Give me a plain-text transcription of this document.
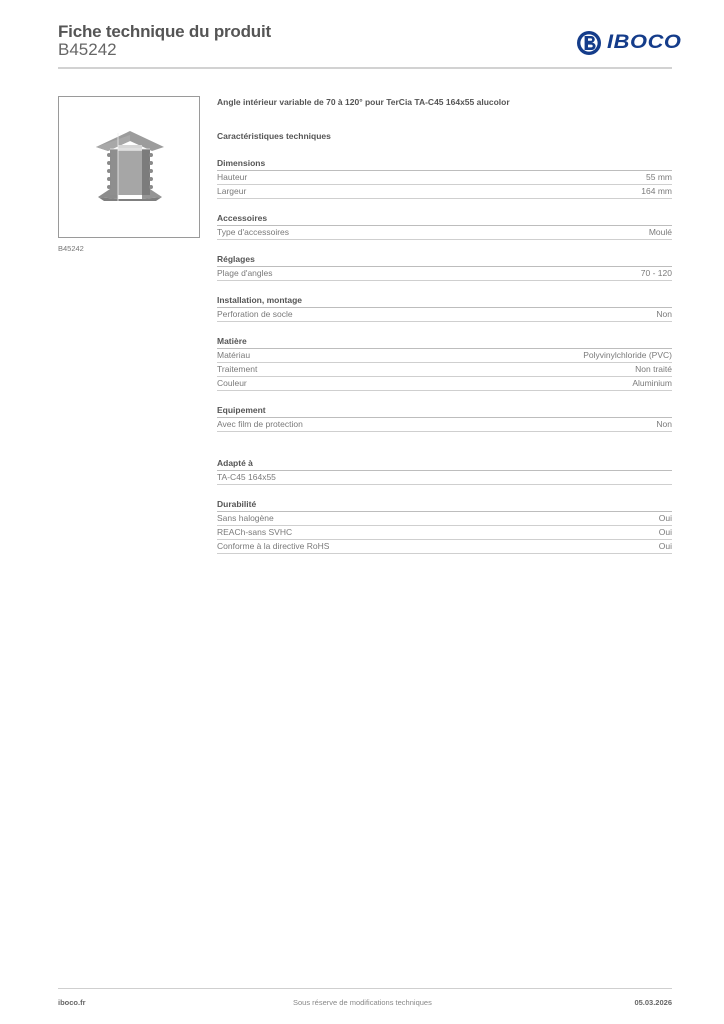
Fiche technique du produit
B45242	IBOCO
B45242
Angle intérieur variable de 70 à 120° pour TerCia TA-C45 164x55 alucolor
Caractéristiques techniques
Dimensions
Hauteur	55 mm
Largeur	164 mm
Accessoires
Type d'accessoires	Moulé
Réglages
Plage d'angles	70 - 120
Installation, montage
Perforation de socle	Non
Matière
Matériau	Polyvinylchloride (PVC)
Traitement	Non traité
Couleur	Aluminium
Equipement
Avec film de protection	Non
Adapté à
TA-C45 164x55
Durabilité
Sans halogène	Oui
REACh-sans SVHC	Oui
Conforme à la directive RoHS	Oui
iboco.fr	Sous réserve de modifications techniques	05.03.2026
